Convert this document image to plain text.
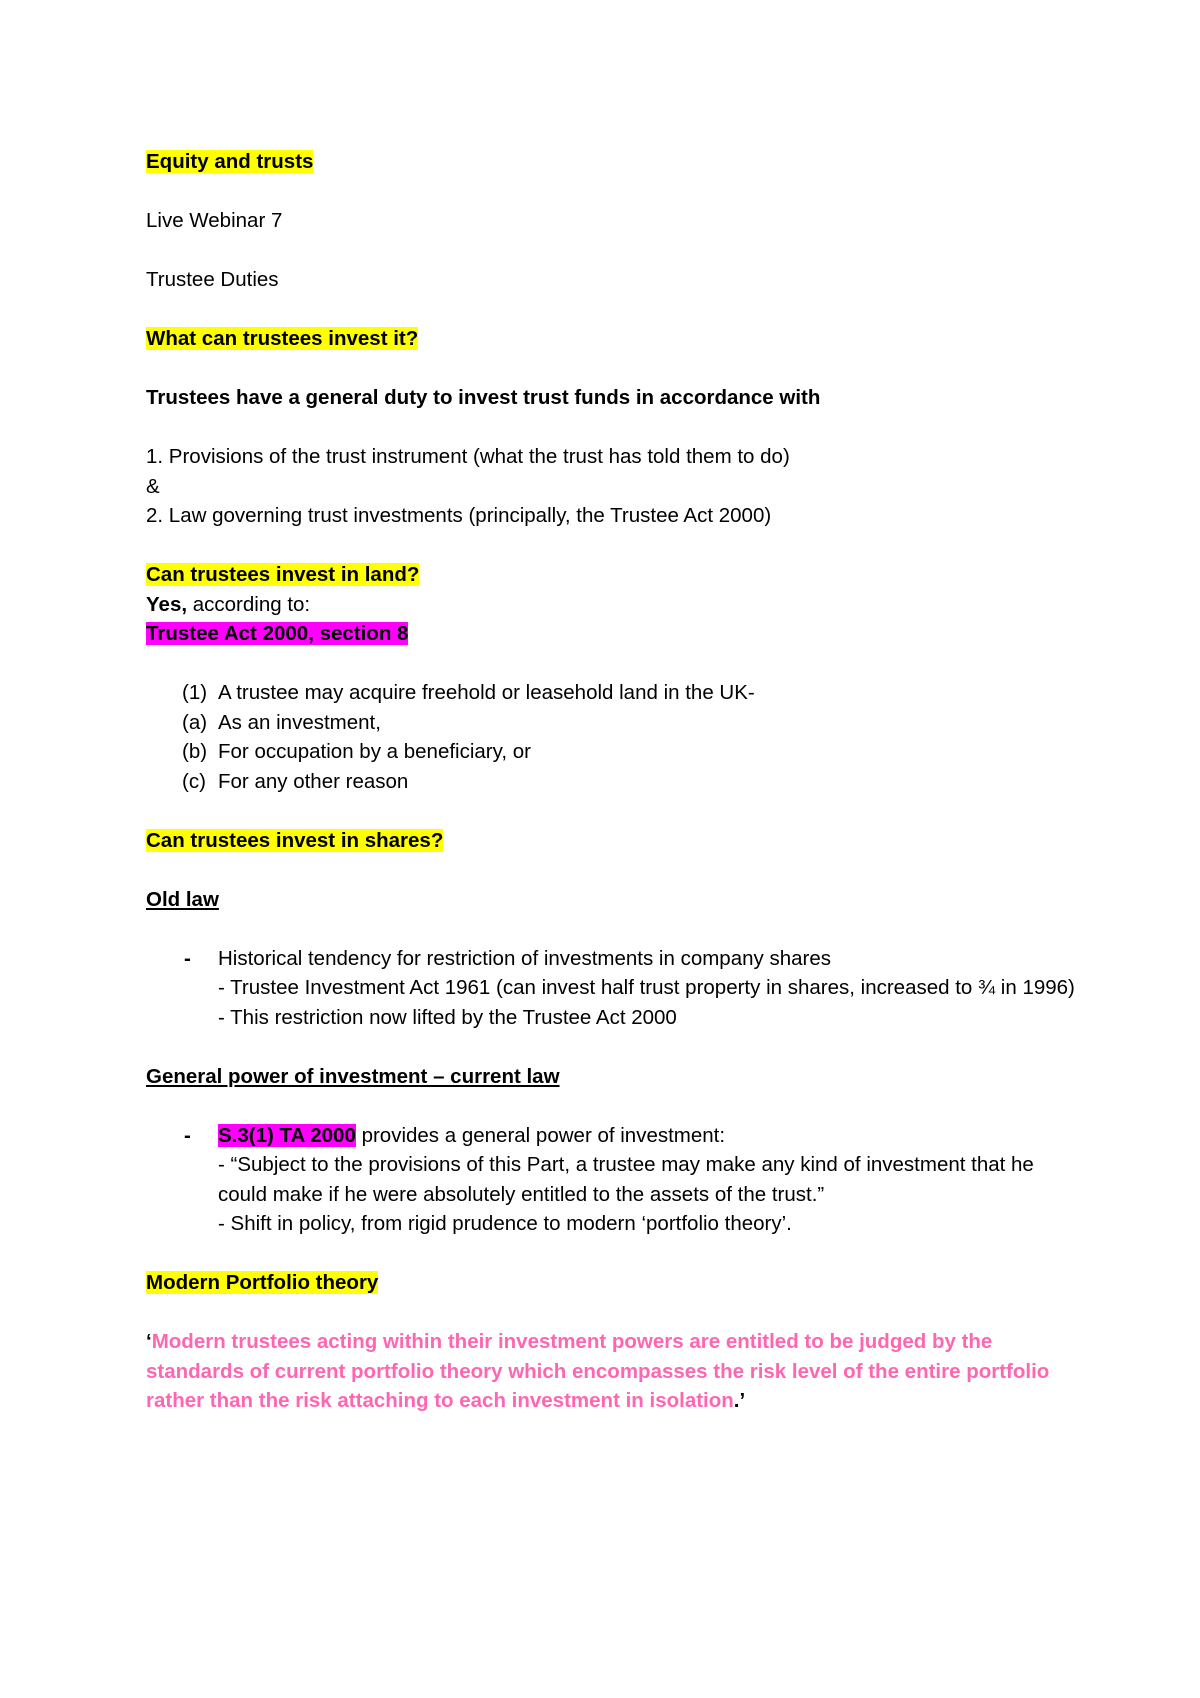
Equity and trusts
Live Webinar 7
Trustee Duties
What can trustees invest it?
Trustees have a general duty to invest trust funds in accordance with
1. Provisions of the trust instrument (what the trust has told them to do)
&
2. Law governing trust investments (principally, the Trustee Act 2000)
Can trustees invest in land?
Yes, according to:
Trustee Act 2000, section 8
(1) A trustee may acquire freehold or leasehold land in the UK-
(a) As an investment,
(b) For occupation by a beneficiary, or
(c) For any other reason
Can trustees invest in shares?
Old law
- Historical tendency for restriction of investments in company shares
- Trustee Investment Act 1961 (can invest half trust property in shares, increased to ¾ in 1996)
- This restriction now lifted by the Trustee Act 2000
General power of investment – current law
- S.3(1) TA 2000 provides a general power of investment:
- “Subject to the provisions of this Part, a trustee may make any kind of investment that he could make if he were absolutely entitled to the assets of the trust.”
- Shift in policy, from rigid prudence to modern ‘portfolio theory’.
Modern Portfolio theory
‘Modern trustees acting within their investment powers are entitled to be judged by the standards of current portfolio theory which encompasses the risk level of the entire portfolio rather than the risk attaching to each investment in isolation.’
